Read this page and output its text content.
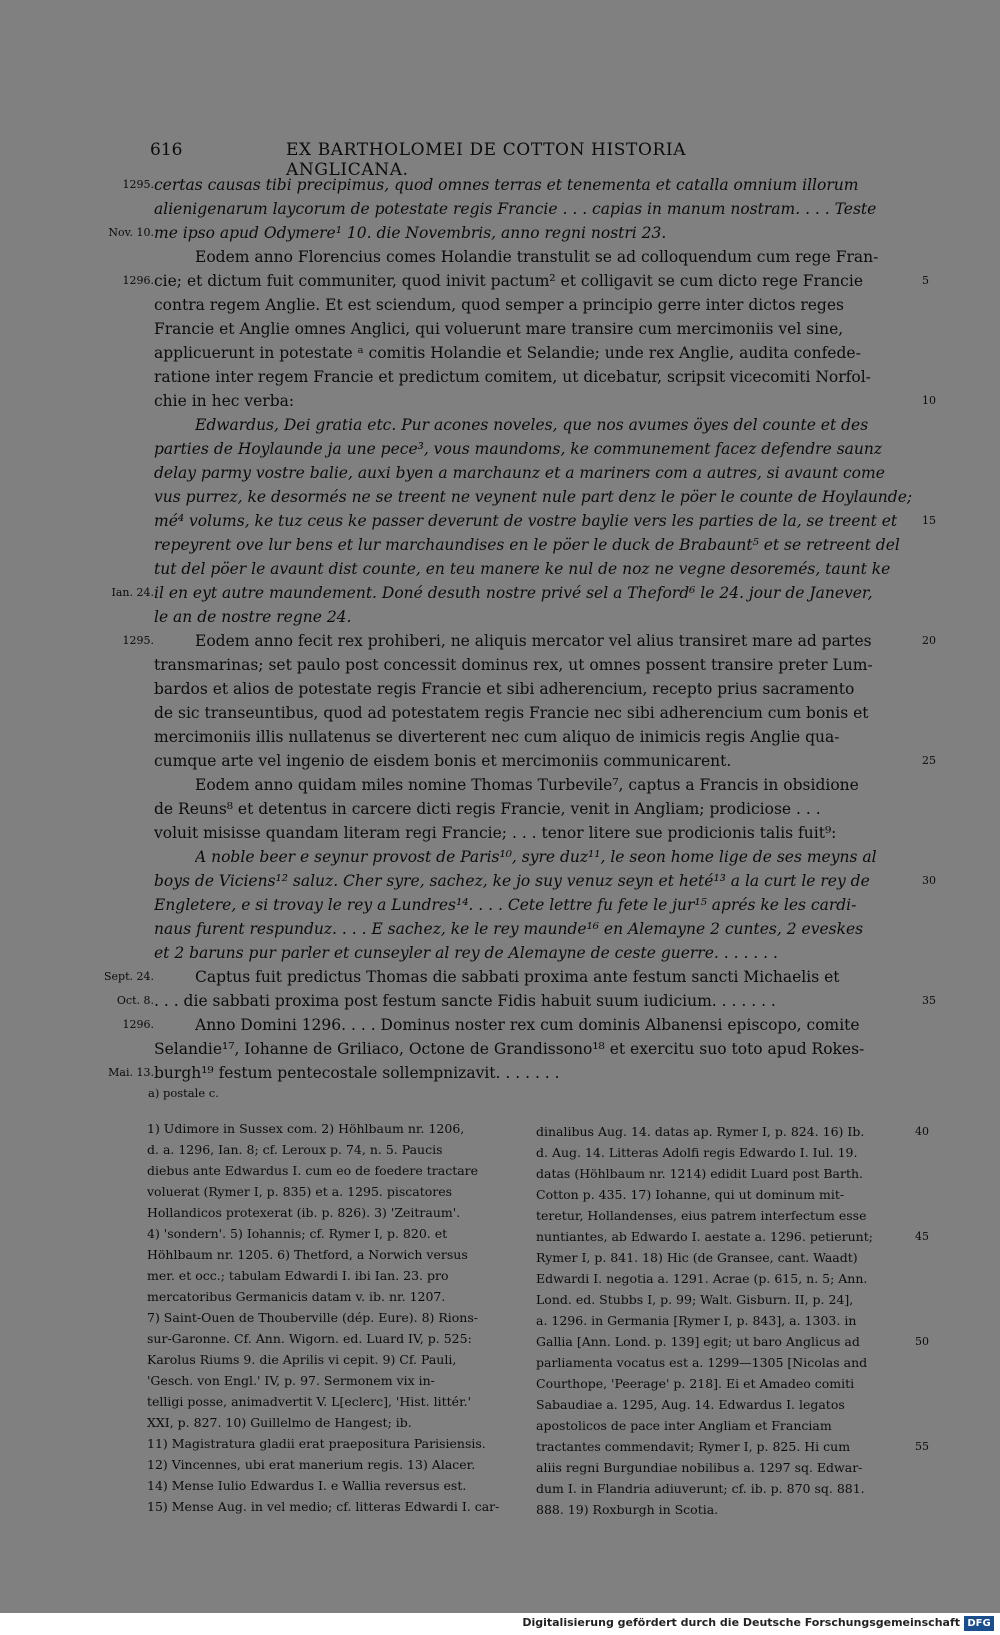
616	EX BARTHOLOMEI DE COTTON HISTORIA ANGLICANA.
certas causas tibi precipimus, quod omnes terras et tenementa et catalla omnium illorum
1295.
alienigenarum laycorum de potestate regis Francie . . . capias in manum nostram. . . . Teste
me ipso apud Odymere¹ 10. die Novembris, anno regni nostri 23.
Nov. 10.
Eodem anno Florencius comes Holandie transtulit se ad colloquendum cum rege Fran-
cie; et dictum fuit communiter, quod inivit pactum² et colligavit se cum dicto rege Francie
1296.	5
contra regem Anglie. Et est sciendum, quod semper a principio gerre inter dictos reges
Francie et Anglie omnes Anglici, qui voluerunt mare transire cum mercimoniis vel sine,
applicuerunt in potestate ᵃ comitis Holandie et Selandie; unde rex Anglie, audita confede-
ratione inter regem Francie et predictum comitem, ut dicebatur, scripsit vicecomiti Norfol-
chie in hec verba:	10
Edwardus, Dei gratia etc. Pur acones noveles, que nos avumes öyes del counte et des
parties de Hoylaunde ja une pece³, vous maundoms, ke communement facez defendre saunz
delay parmy vostre balie, auxi byen a marchaunz et a mariners com a autres, si avaunt come
vus purrez, ke desormés ne se treent ne veynent nule part denz le pöer le counte de Hoylaunde;
mé⁴ volums, ke tuz ceus ke passer deverunt de vostre baylie vers les parties de la, se treent et	15
repeyrent ove lur bens et lur marchaundises en le pöer le duck de Brabaunt⁵ et se retreent del
tut del pöer le avaunt dist counte, en teu manere ke nul de noz ne vegne desoremés, taunt ke
il en eyt autre maundement. Doné desuth nostre privé sel a Theford⁶ le 24. jour de Janever,
Ian. 24.
le an de nostre regne 24.
Eodem anno fecit rex prohiberi, ne aliquis mercator vel alius transiret mare ad partes
1295.	20
transmarinas; set paulo post concessit dominus rex, ut omnes possent transire preter Lum-
bardos et alios de potestate regis Francie et sibi adherencium, recepto prius sacramento
de sic transeuntibus, quod ad potestatem regis Francie nec sibi adherencium cum bonis et
mercimoniis illis nullatenus se diverterent nec cum aliquo de inimicis regis Anglie qua-
cumque arte vel ingenio de eisdem bonis et mercimoniis communicarent.	25
Eodem anno quidam miles nomine Thomas Turbevile⁷, captus a Francis in obsidione
de Reuns⁸ et detentus in carcere dicti regis Francie, venit in Angliam; prodiciose . . .
voluit misisse quandam literam regi Francie; . . . tenor litere sue prodicionis talis fuit⁹:
A noble beer e seynur provost de Paris¹⁰, syre duz¹¹, le seon home lige de ses meyns al
boys de Viciens¹² saluz. Cher syre, sachez, ke jo suy venuz seyn et heté¹³ a la curt le rey de	30
Engletere, e si trovay le rey a Lundres¹⁴. . . . Cete lettre fu fete le jur¹⁵ aprés ke les cardi-
naus furent respunduz. . . . E sachez, ke le rey maunde¹⁶ en Alemayne 2 cuntes, 2 eveskes
et 2 baruns pur parler et cunseyler al rey de Alemayne de ceste guerre. . . . . . .
Captus fuit predictus Thomas die sabbati proxima ante festum sancti Michaelis et
Sept. 24.
. . . die sabbati proxima post festum sancte Fidis habuit suum iudicium. . . . . . .
Oct. 8.	35
Anno Domini 1296. . . . Dominus noster rex cum dominis Albanensi episcopo, comite
1296.
Selandie¹⁷, Iohanne de Griliaco, Octone de Grandissono¹⁸ et exercitu suo toto apud Rokes-
burgh¹⁹ festum pentecostale sollempnizavit. . . . . . .
Mai. 13.
a) postale c.
1) Udimore in Sussex com. 2) Höhlbaum nr. 1206,
d. a. 1296, Ian. 8; cf. Leroux p. 74, n. 5. Paucis
diebus ante Edwardus I. cum eo de foedere tractare
voluerat (Rymer I, p. 835) et a. 1295. piscatores
Hollandicos protexerat (ib. p. 826). 3) 'Zeitraum'.
4) 'sondern'. 5) Iohannis; cf. Rymer I, p. 820. et
Höhlbaum nr. 1205. 6) Thetford, a Norwich versus
mer. et occ.; tabulam Edwardi I. ibi Ian. 23. pro
mercatoribus Germanicis datam v. ib. nr. 1207.
7) Saint-Ouen de Thouberville (dép. Eure). 8) Rions-
sur-Garonne. Cf. Ann. Wigorn. ed. Luard IV, p. 525:
Karolus Riums 9. die Aprilis vi cepit. 9) Cf. Pauli,
'Gesch. von Engl.' IV, p. 97. Sermonem vix in-
telligi posse, animadvertit V. L[eclerc], 'Hist. littér.'
XXI, p. 827. 10) Guillelmo de Hangest; ib.
11) Magistratura gladii erat praepositura Parisiensis.
12) Vincennes, ubi erat manerium regis. 13) Alacer.
14) Mense Iulio Edwardus I. e Wallia reversus est.
15) Mense Aug. in vel medio; cf. litteras Edwardi I. car-
dinalibus Aug. 14. datas ap. Rymer I, p. 824. 16) Ib.
d. Aug. 14. Litteras Adolfi regis Edwardo I. Iul. 19.
datas (Höhlbaum nr. 1214) edidit Luard post Barth.
Cotton p. 435. 17) Iohanne, qui ut dominum mit-
teretur, Hollandenses, eius patrem interfectum esse
nuntiantes, ab Edwardo I. aestate a. 1296. petierunt;
Rymer I, p. 841. 18) Hic (de Gransee, cant. Waadt)
Edwardi I. negotia a. 1291. Acrae (p. 615, n. 5; Ann.
Lond. ed. Stubbs I, p. 99; Walt. Gisburn. II, p. 24],
a. 1296. in Germania [Rymer I, p. 843], a. 1303. in
Gallia [Ann. Lond. p. 139] egit; ut baro Anglicus ad
parliamenta vocatus est a. 1299—1305 [Nicolas and
Courthope, 'Peerage' p. 218]. Ei et Amadeo comiti
Sabaudiae a. 1295, Aug. 14. Edwardus I. legatos
apostolicos de pace inter Angliam et Franciam
tractantes commendavit; Rymer I, p. 825. Hi cum
aliis regni Burgundiae nobilibus a. 1297 sq. Edwar-
dum I. in Flandria adiuverunt; cf. ib. p. 870 sq. 881.
888. 19) Roxburgh in Scotia.
40
45
50
55
Digitalisierung gefördert durch die Deutsche Forschungsgemeinschaft DFG
